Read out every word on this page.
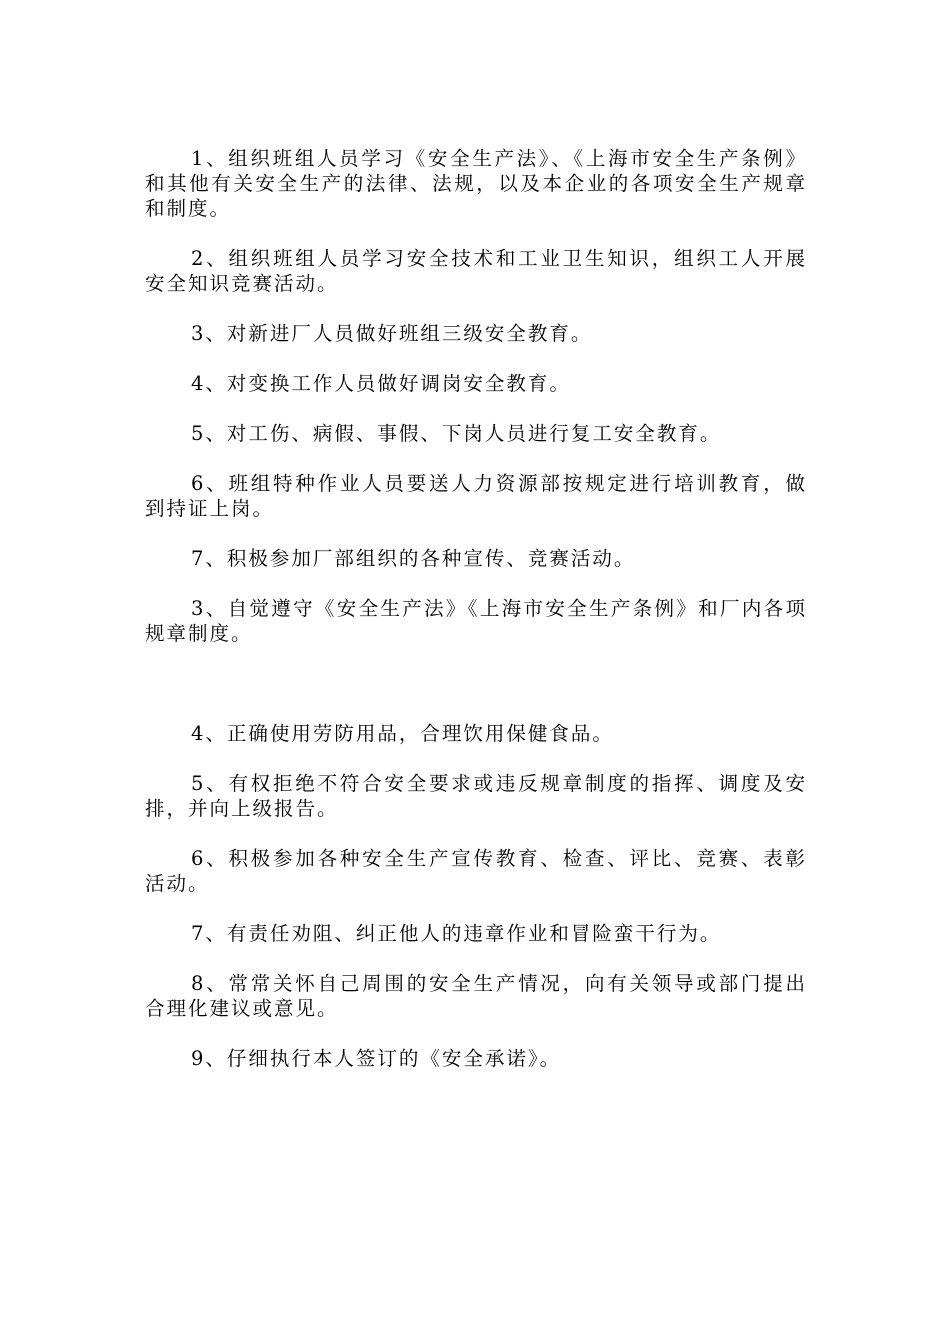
1、组织班组人员学习《安全生产法》、《上海市安全生产条例》和其他有关安全生产的法律、法规，以及本企业的各项安全生产规章和制度。

2、组织班组人员学习安全技术和工业卫生知识，组织工人开展安全知识竞赛活动。

3、对新进厂人员做好班组三级安全教育。

4、对变换工作人员做好调岗安全教育。

5、对工伤、病假、事假、下岗人员进行复工安全教育。

6、班组特种作业人员要送人力资源部按规定进行培训教育，做到持证上岗。

7、积极参加厂部组织的各种宣传、竞赛活动。

3、自觉遵守《安全生产法》《上海市安全生产条例》和厂内各项规章制度。

4、正确使用劳防用品，合理饮用保健食品。

5、有权拒绝不符合安全要求或违反规章制度的指挥、调度及安排，并向上级报告。

6、积极参加各种安全生产宣传教育、检查、评比、竞赛、表彰活动。

7、有责任劝阻、纠正他人的违章作业和冒险蛮干行为。

8、常常关怀自己周围的安全生产情况，向有关领导或部门提出合理化建议或意见。

9、仔细执行本人签订的《安全承诺》。
